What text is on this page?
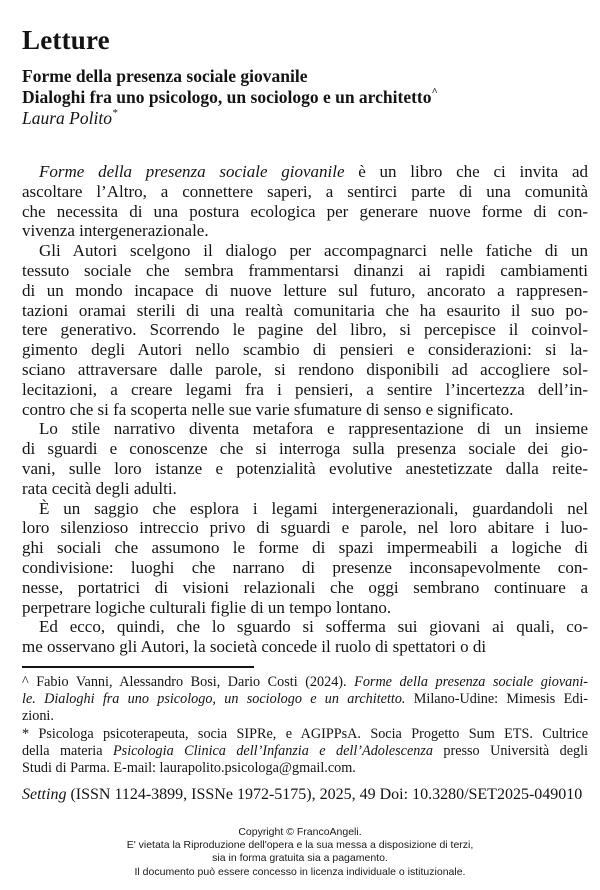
Letture
Forme della presenza sociale giovanile
Dialoghi fra uno psicologo, un sociologo e un architetto^
Laura Polito*
Forme della presenza sociale giovanile è un libro che ci invita ad
ascoltare l’Altro, a connettere saperi, a sentirci parte di una comunità
che necessita di una postura ecologica per generare nuove forme di con-
vivenza intergenerazionale.
Gli Autori scelgono il dialogo per accompagnarci nelle fatiche di un
tessuto sociale che sembra frammentarsi dinanzi ai rapidi cambiamenti
di un mondo incapace di nuove letture sul futuro, ancorato a rappresen-
tazioni oramai sterili di una realtà comunitaria che ha esaurito il suo po-
tere generativo. Scorrendo le pagine del libro, si percepisce il coinvol-
gimento degli Autori nello scambio di pensieri e considerazioni: si la-
sciano attraversare dalle parole, si rendono disponibili ad accogliere sol-
lecitazioni, a creare legami fra i pensieri, a sentire l’incertezza dell’in-
contro che si fa scoperta nelle sue varie sfumature di senso e significato.
Lo stile narrativo diventa metafora e rappresentazione di un insieme
di sguardi e conoscenze che si interroga sulla presenza sociale dei gio-
vani, sulle loro istanze e potenzialità evolutive anestetizzate dalla reite-
rata cecità degli adulti.
È un saggio che esplora i legami intergenerazionali, guardandoli nel
loro silenzioso intreccio privo di sguardi e parole, nel loro abitare i luo-
ghi sociali che assumono le forme di spazi impermeabili a logiche di
condivisione: luoghi che narrano di presenze inconsapevolmente con-
nesse, portatrici di visioni relazionali che oggi sembrano continuare a
perpetrare logiche culturali figlie di un tempo lontano.
Ed ecco, quindi, che lo sguardo si sofferma sui giovani ai quali, co-
me osservano gli Autori, la società concede il ruolo di spettatori o di
^ Fabio Vanni, Alessandro Bosi, Dario Costi (2024). Forme della presenza sociale giovani-
le. Dialoghi fra uno psicologo, un sociologo e un architetto. Milano-Udine: Mimesis Edi-
zioni.
* Psicologa psicoterapeuta, socia SIPRe, e AGIPPsA. Socia Progetto Sum ETS. Cultrice
della materia Psicologia Clinica dell’Infanzia e dell’Adolescenza presso Università degli
Studi di Parma. E-mail: laurapolito.psicologa@gmail.com.
Setting (ISSN 1124-3899, ISSNe 1972-5175), 2025, 49 Doi: 10.3280/SET2025-049010
Copyright © FrancoAngeli.
E' vietata la Riproduzione dell'opera e la sua messa a disposizione di terzi,
sia in forma gratuita sia a pagamento.
Il documento può essere concesso in licenza individuale o istituzionale.
